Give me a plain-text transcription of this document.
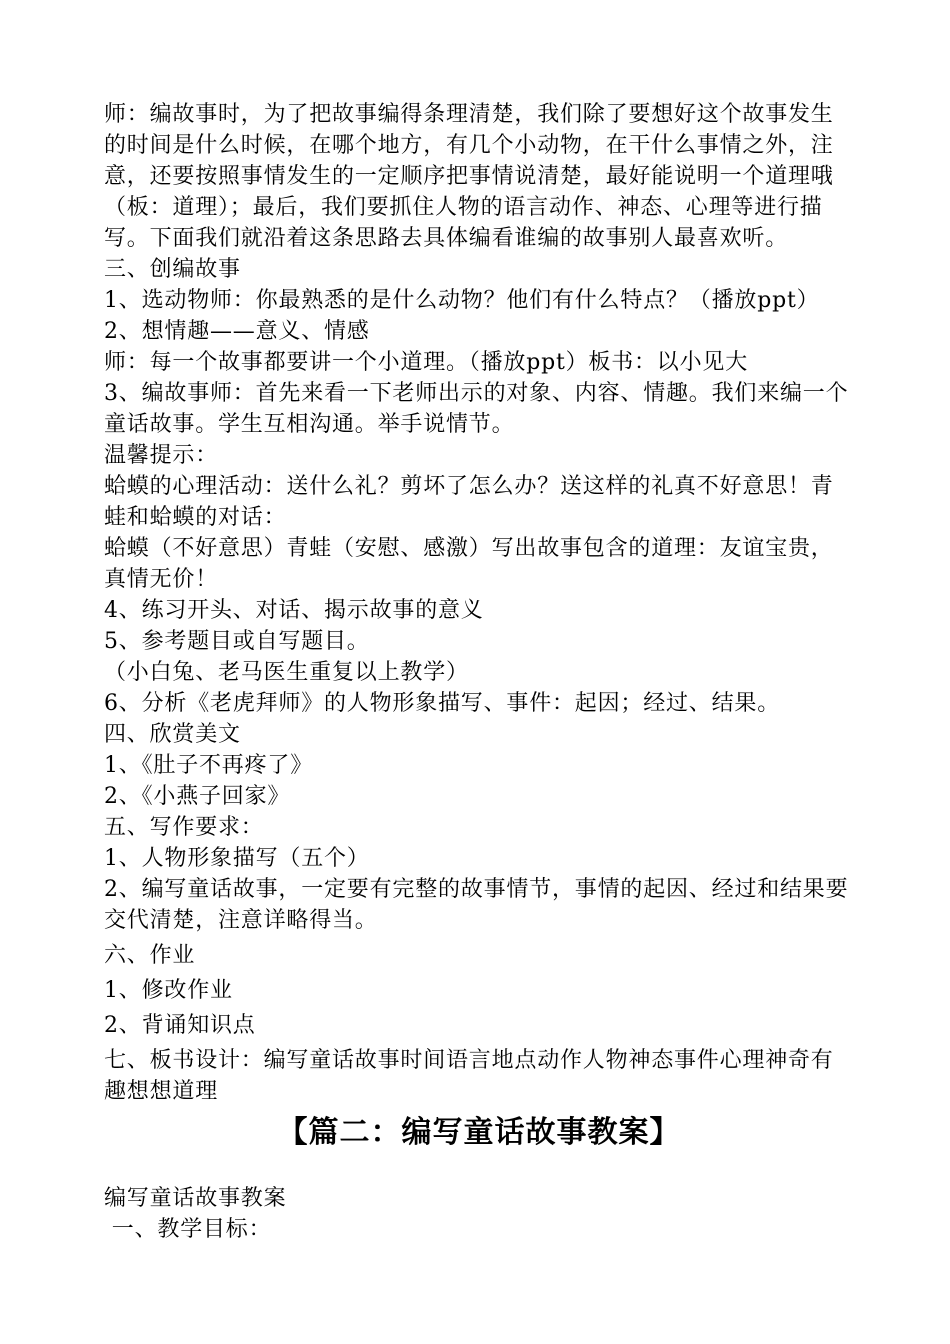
师：编故事时，为了把故事编得条理清楚，我们除了要想好这个故事发生的时间是什么时候，在哪个地方，有几个小动物，在干什么事情之外，注意，还要按照事情发生的一定顺序把事情说清楚，最好能说明一个道理哦（板：道理）；最后，我们要抓住人物的语言动作、神态、心理等进行描写。下面我们就沿着这条思路去具体编看谁编的故事别人最喜欢听。

三、创编故事

1、选动物师：你最熟悉的是什么动物？他们有什么特点？（播放ppt）

2、想情趣——意义、情感

师：每一个故事都要讲一个小道理。（播放ppt）板书：以小见大

3、编故事师：首先来看一下老师出示的对象、内容、情趣。我们来编一个童话故事。学生互相沟通。举手说情节。

温馨提示：

蛤蟆的心理活动：送什么礼？剪坏了怎么办？送这样的礼真不好意思！青蛙和蛤蟆的对话：

蛤蟆（不好意思）青蛙（安慰、感激）写出故事包含的道理：友谊宝贵，真情无价！

4、练习开头、对话、揭示故事的意义

5、参考题目或自写题目。

（小白兔、老马医生重复以上教学）

6、分析《老虎拜师》的人物形象描写、事件：起因；经过、结果。

四、欣赏美文

1、《肚子不再疼了》

2、《小燕子回家》

五、写作要求：

1、人物形象描写（五个）

2、编写童话故事，一定要有完整的故事情节，事情的起因、经过和结果要交代清楚，注意详略得当。

六、作业

1、修改作业

2、背诵知识点

七、板书设计：编写童话故事时间语言地点动作人物神态事件心理神奇有趣想想道理

【篇二：编写童话故事教案】

编写童话故事教案

一、教学目标：
